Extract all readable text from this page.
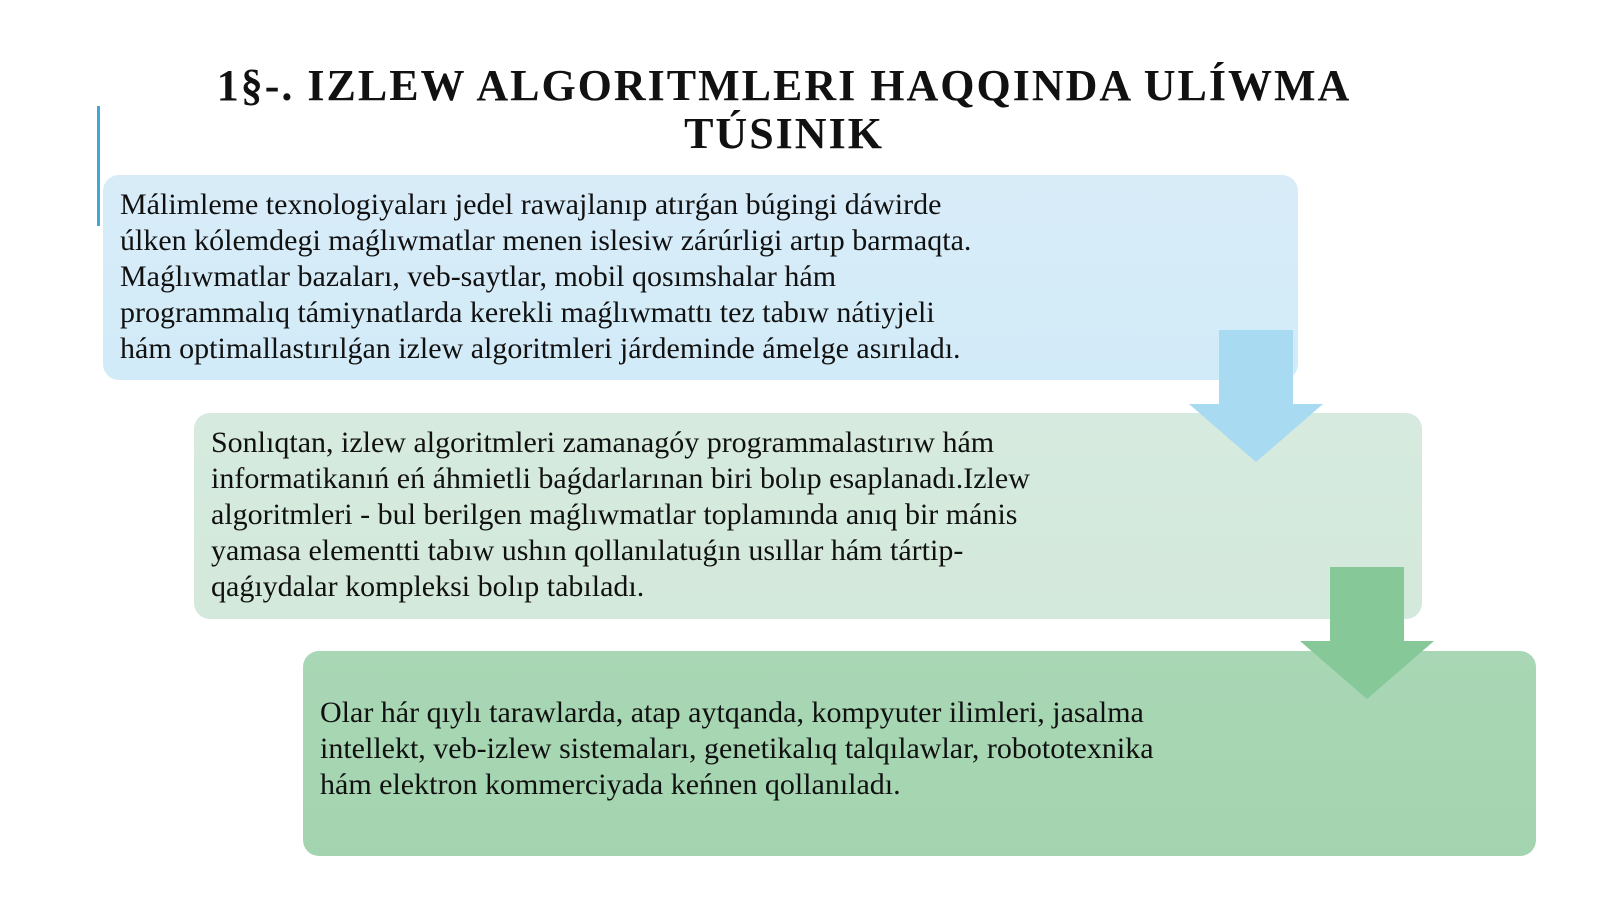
1§-. IZLEW ALGORITMLERI HAQQINDA ULÍWMA
TÚSINIK

Málimleme texnologiyaları jedel rawajlanıp atırǵan búgingi dáwirde
úlken kólemdegi maǵlıwmatlar menen islesiw zárúrligi artıp barmaqta.
Maǵlıwmatlar bazaları, veb-saytlar, mobil qosımshalar hám
programmalıq támiynatlarda kerekli maǵlıwmattı tez tabıw nátiyjeli
hám optimallastırılǵan izlew algoritmleri járdeminde ámelge asırıladı.

Sonlıqtan, izlew algoritmleri zamanagóy programmalastırıw hám
informatikanıń eń áhmietli baǵdarlarınan biri bolıp esaplanadı.Izlew
algoritmleri - bul berilgen maǵlıwmatlar toplamında anıq bir mánis
yamasa elementti tabıw ushın qollanılatuǵın usıllar hám tártip-
qaǵıydalar kompleksi bolıp tabıladı.

Olar hár qıylı tarawlarda, atap aytqanda, kompyuter ilimleri, jasalma
intellekt, veb-izlew sistemaları, genetikalıq talqılawlar, robototexnika
hám elektron kommerciyada keńnen qollanıladı.
